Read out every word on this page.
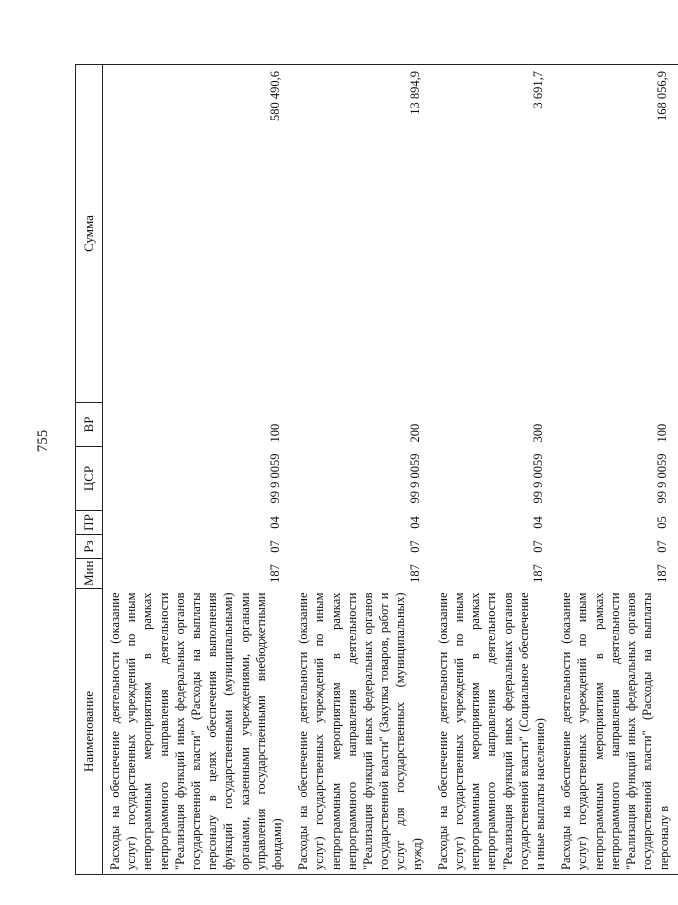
755
Наименование	Мин	Рз	ПР	ЦСР	ВР	Сумма
Расходы на обеспечение деятельности (оказание услуг) государственных учреждений по иным непрограммным мероприятиям в рамках непрограммного направления деятельности "Реализация функций иных федеральных органов государственной власти" (Расходы на выплаты персоналу в целях обеспечения выполнения функций государственными (муниципальными) органами, казенными учреждениями, органами управления государственными внебюджетными фондами)	187	07	04	99 9 0059	100	580 490,6
Расходы на обеспечение деятельности (оказание услуг) государственных учреждений по иным непрограммным мероприятиям в рамках непрограммного направления деятельности "Реализация функций иных федеральных органов государственной власти" (Закупка товаров, работ и услуг для государственных (муниципальных) нужд)	187	07	04	99 9 0059	200	13 894,9
Расходы на обеспечение деятельности (оказание услуг) государственных учреждений по иным непрограммным мероприятиям в рамках непрограммного направления деятельности "Реализация функций иных федеральных органов государственной власти" (Социальное обеспечение и иные выплаты населению)	187	07	04	99 9 0059	300	3 691,7
Расходы на обеспечение деятельности (оказание услуг) государственных учреждений по иным непрограммным мероприятиям в рамках непрограммного направления деятельности "Реализация функций иных федеральных органов государственной власти" (Расходы на выплаты персоналу в	187	07	05	99 9 0059	100	168 056,9
